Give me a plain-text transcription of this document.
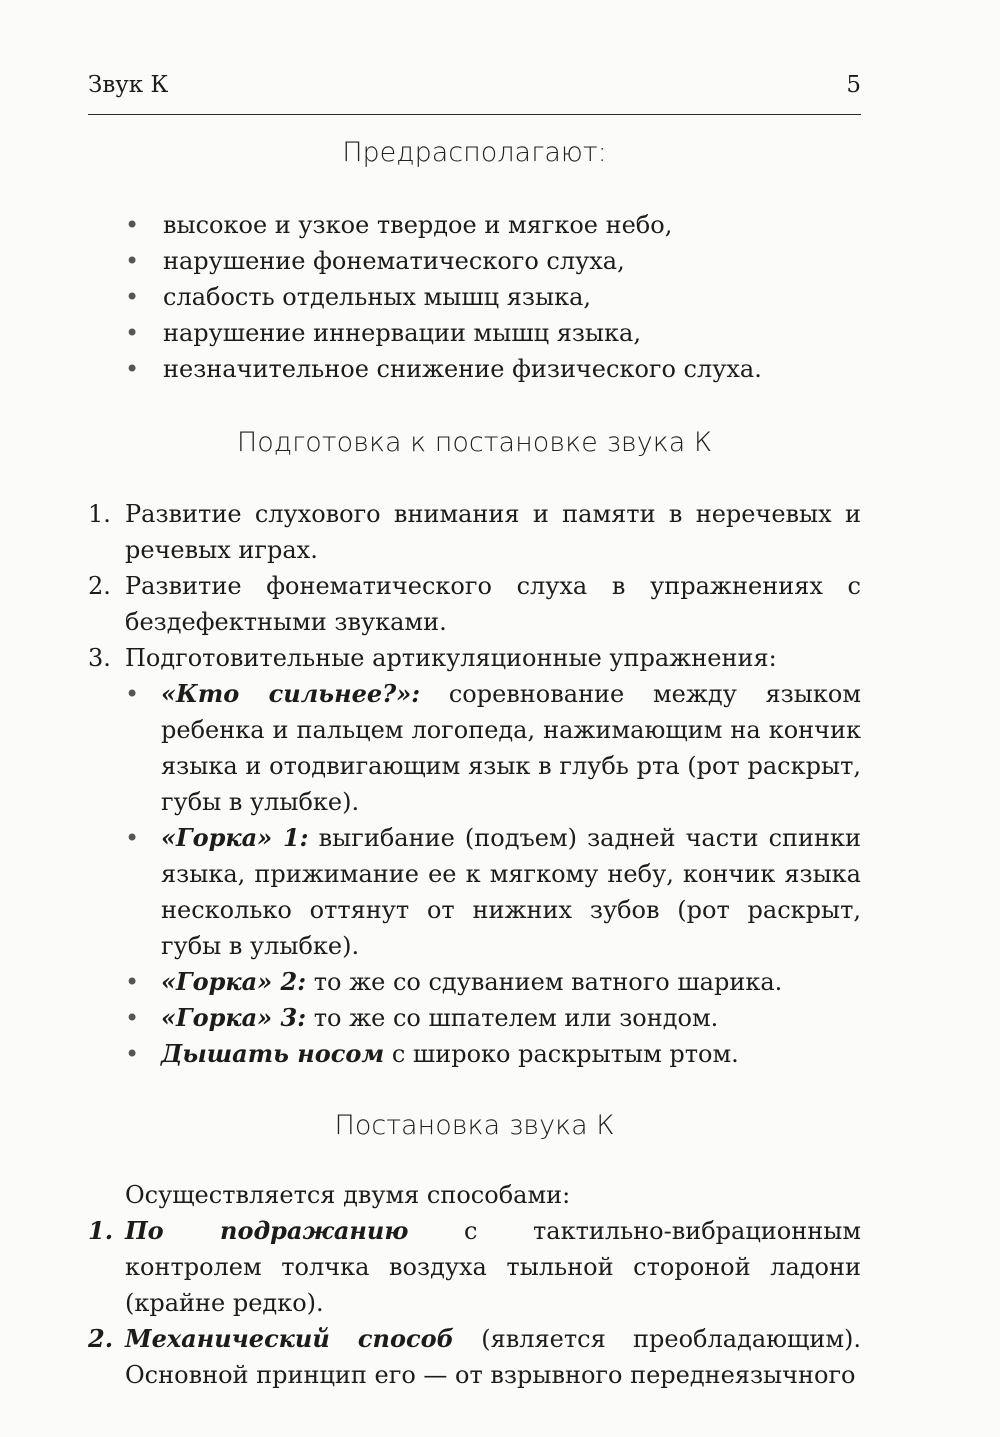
Звук К	5
Предрасполагают:
• высокое и узкое твердое и мягкое небо,
• нарушение фонематического слуха,
• слабость отдельных мышц языка,
• нарушение иннервации мышц языка,
• незначительное снижение физического слуха.
Подготовка к постановке звука К
1. Развитие слухового внимания и памяти в неречевых и речевых играх.
2. Развитие фонематического слуха в упражнениях с бездефектными звуками.
3. Подготовительные артикуляционные упражнения:
• «Кто сильнее?»: соревнование между языком ребенка и пальцем логопеда, нажимающим на кончик языка и отодвигающим язык в глубь рта (рот раскрыт, губы в улыбке).
• «Горка» 1: выгибание (подъем) задней части спинки языка, прижимание ее к мягкому небу, кончик языка несколько оттянут от нижних зубов (рот раскрыт, губы в улыбке).
• «Горка» 2: то же со сдуванием ватного шарика.
• «Горка» 3: то же со шпателем или зондом.
• Дышать носом с широко раскрытым ртом.
Постановка звука К
Осуществляется двумя способами:
1. По подражанию с тактильно-вибрационным контролем толчка воздуха тыльной стороной ладони (крайне редко).
2. Механический способ (является преобладающим).
Основной принцип его — от взрывного переднеязычного
